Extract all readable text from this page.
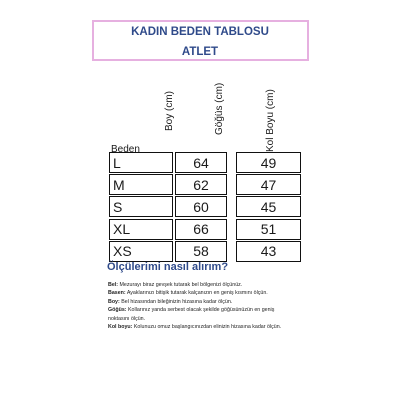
KADIN BEDEN TABLOSU
ATLET
Boy (cm)	Göğüs (cm)	Kol Boyu (cm)
Beden
L	64	49
M	62	47
S	60	45
XL	66	51
XS	58	43
Ölçülerimi nasıl alırım?
Bel: Mezurayı biraz gevşek tutarak bel bölgenizi ölçünüz.
Basen: Ayaklarınızı bitişik tutarak kalçanızın en geniş kısmını ölçün.
Boy: Bel hizasından bileğinizin hizasına kadar ölçün.
Göğüs: Kollarınız yanda serbest olacak şekilde göğüsünüzün en geniş
noktasını ölçün.
Kol boyu: Kolunuzu omuz başlangıcınızdan elinizin hizasına kadar ölçün.
